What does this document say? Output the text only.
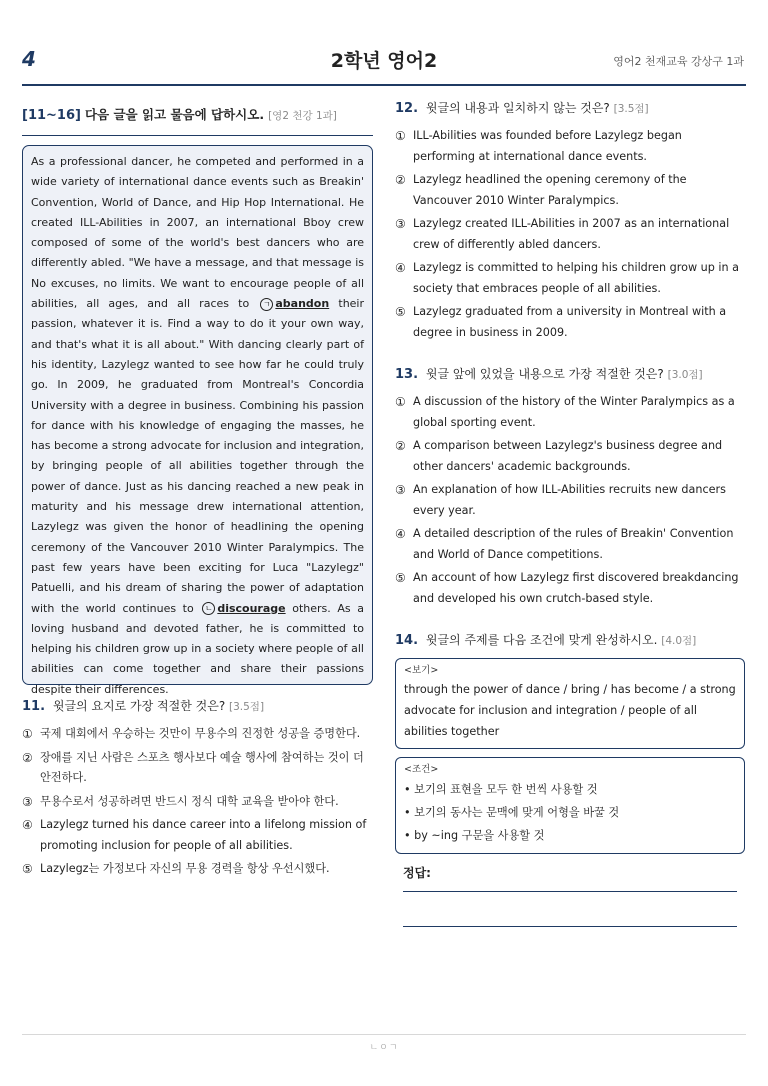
4	2학년 영어2	영어2 천재교육 강상구 1과
[11~16] 다음 글을 읽고 물음에 답하시오. [영2 천강 1과]
As a professional dancer, he competed and performed in a wide variety of international dance events such as Breakin' Convention, World of Dance, and Hip Hop International. He created ILL-Abilities in 2007, an international Bboy crew composed of some of the world's best dancers who are differently abled. "We have a message, and that message is No excuses, no limits. We want to encourage people of all abilities, all ages, and all races to ㄱ abandon their passion, whatever it is. Find a way to do it your own way, and that's what it is all about." With dancing clearly part of his identity, Lazylegz wanted to see how far he could truly go. In 2009, he graduated from Montreal's Concordia University with a degree in business. Combining his passion for dance with his knowledge of engaging the masses, he has become a strong advocate for inclusion and integration, by bringing people of all abilities together through the power of dance. Just as his dancing reached a new peak in maturity and his message drew international attention, Lazylegz was given the honor of headlining the opening ceremony of the Vancouver 2010 Winter Paralympics. The past few years have been exciting for Luca "Lazylegz" Patuelli, and his dream of sharing the power of adaptation with the world continues to ㄴ discourage others. As a loving husband and devoted father, he is committed to helping his children grow up in a society where people of all abilities can come together and share their passions despite their differences.
11. 윗글의 요지로 가장 적절한 것은? [3.5점]
① 국제 대회에서 우승하는 것만이 무용수의 진정한 성공을 증명한다.
② 장애를 지닌 사람은 스포츠 행사보다 예술 행사에 참여하는 것이 더 안전하다.
③ 무용수로서 성공하려면 반드시 정식 대학 교육을 받아야 한다.
④ Lazylegz turned his dance career into a lifelong mission of promoting inclusion for people of all abilities.
⑤ Lazylegz는 가정보다 자신의 무용 경력을 항상 우선시했다.
12. 윗글의 내용과 일치하지 않는 것은? [3.5점]
① ILL-Abilities was founded before Lazylegz began performing at international dance events.
② Lazylegz headlined the opening ceremony of the Vancouver 2010 Winter Paralympics.
③ Lazylegz created ILL-Abilities in 2007 as an international crew of differently abled dancers.
④ Lazylegz is committed to helping his children grow up in a society that embraces people of all abilities.
⑤ Lazylegz graduated from a university in Montreal with a degree in business in 2009.
13. 윗글 앞에 있었을 내용으로 가장 적절한 것은? [3.0점]
① A discussion of the history of the Winter Paralympics as a global sporting event.
② A comparison between Lazylegz's business degree and other dancers' academic backgrounds.
③ An explanation of how ILL-Abilities recruits new dancers every year.
④ A detailed description of the rules of Breakin' Convention and World of Dance competitions.
⑤ An account of how Lazylegz first discovered breakdancing and developed his own crutch-based style.
14. 윗글의 주제를 다음 조건에 맞게 완성하시오. [4.0점]
<보기>
through the power of dance / bring / has become / a strong advocate for inclusion and integration / people of all abilities together
<조건>
• 보기의 표현을 모두 한 번씩 사용할 것
• 보기의 동사는 문맥에 맞게 어형을 바꿀 것
• by ~ing 구문을 사용할 것
정답:
ㄴㅇㄱ
